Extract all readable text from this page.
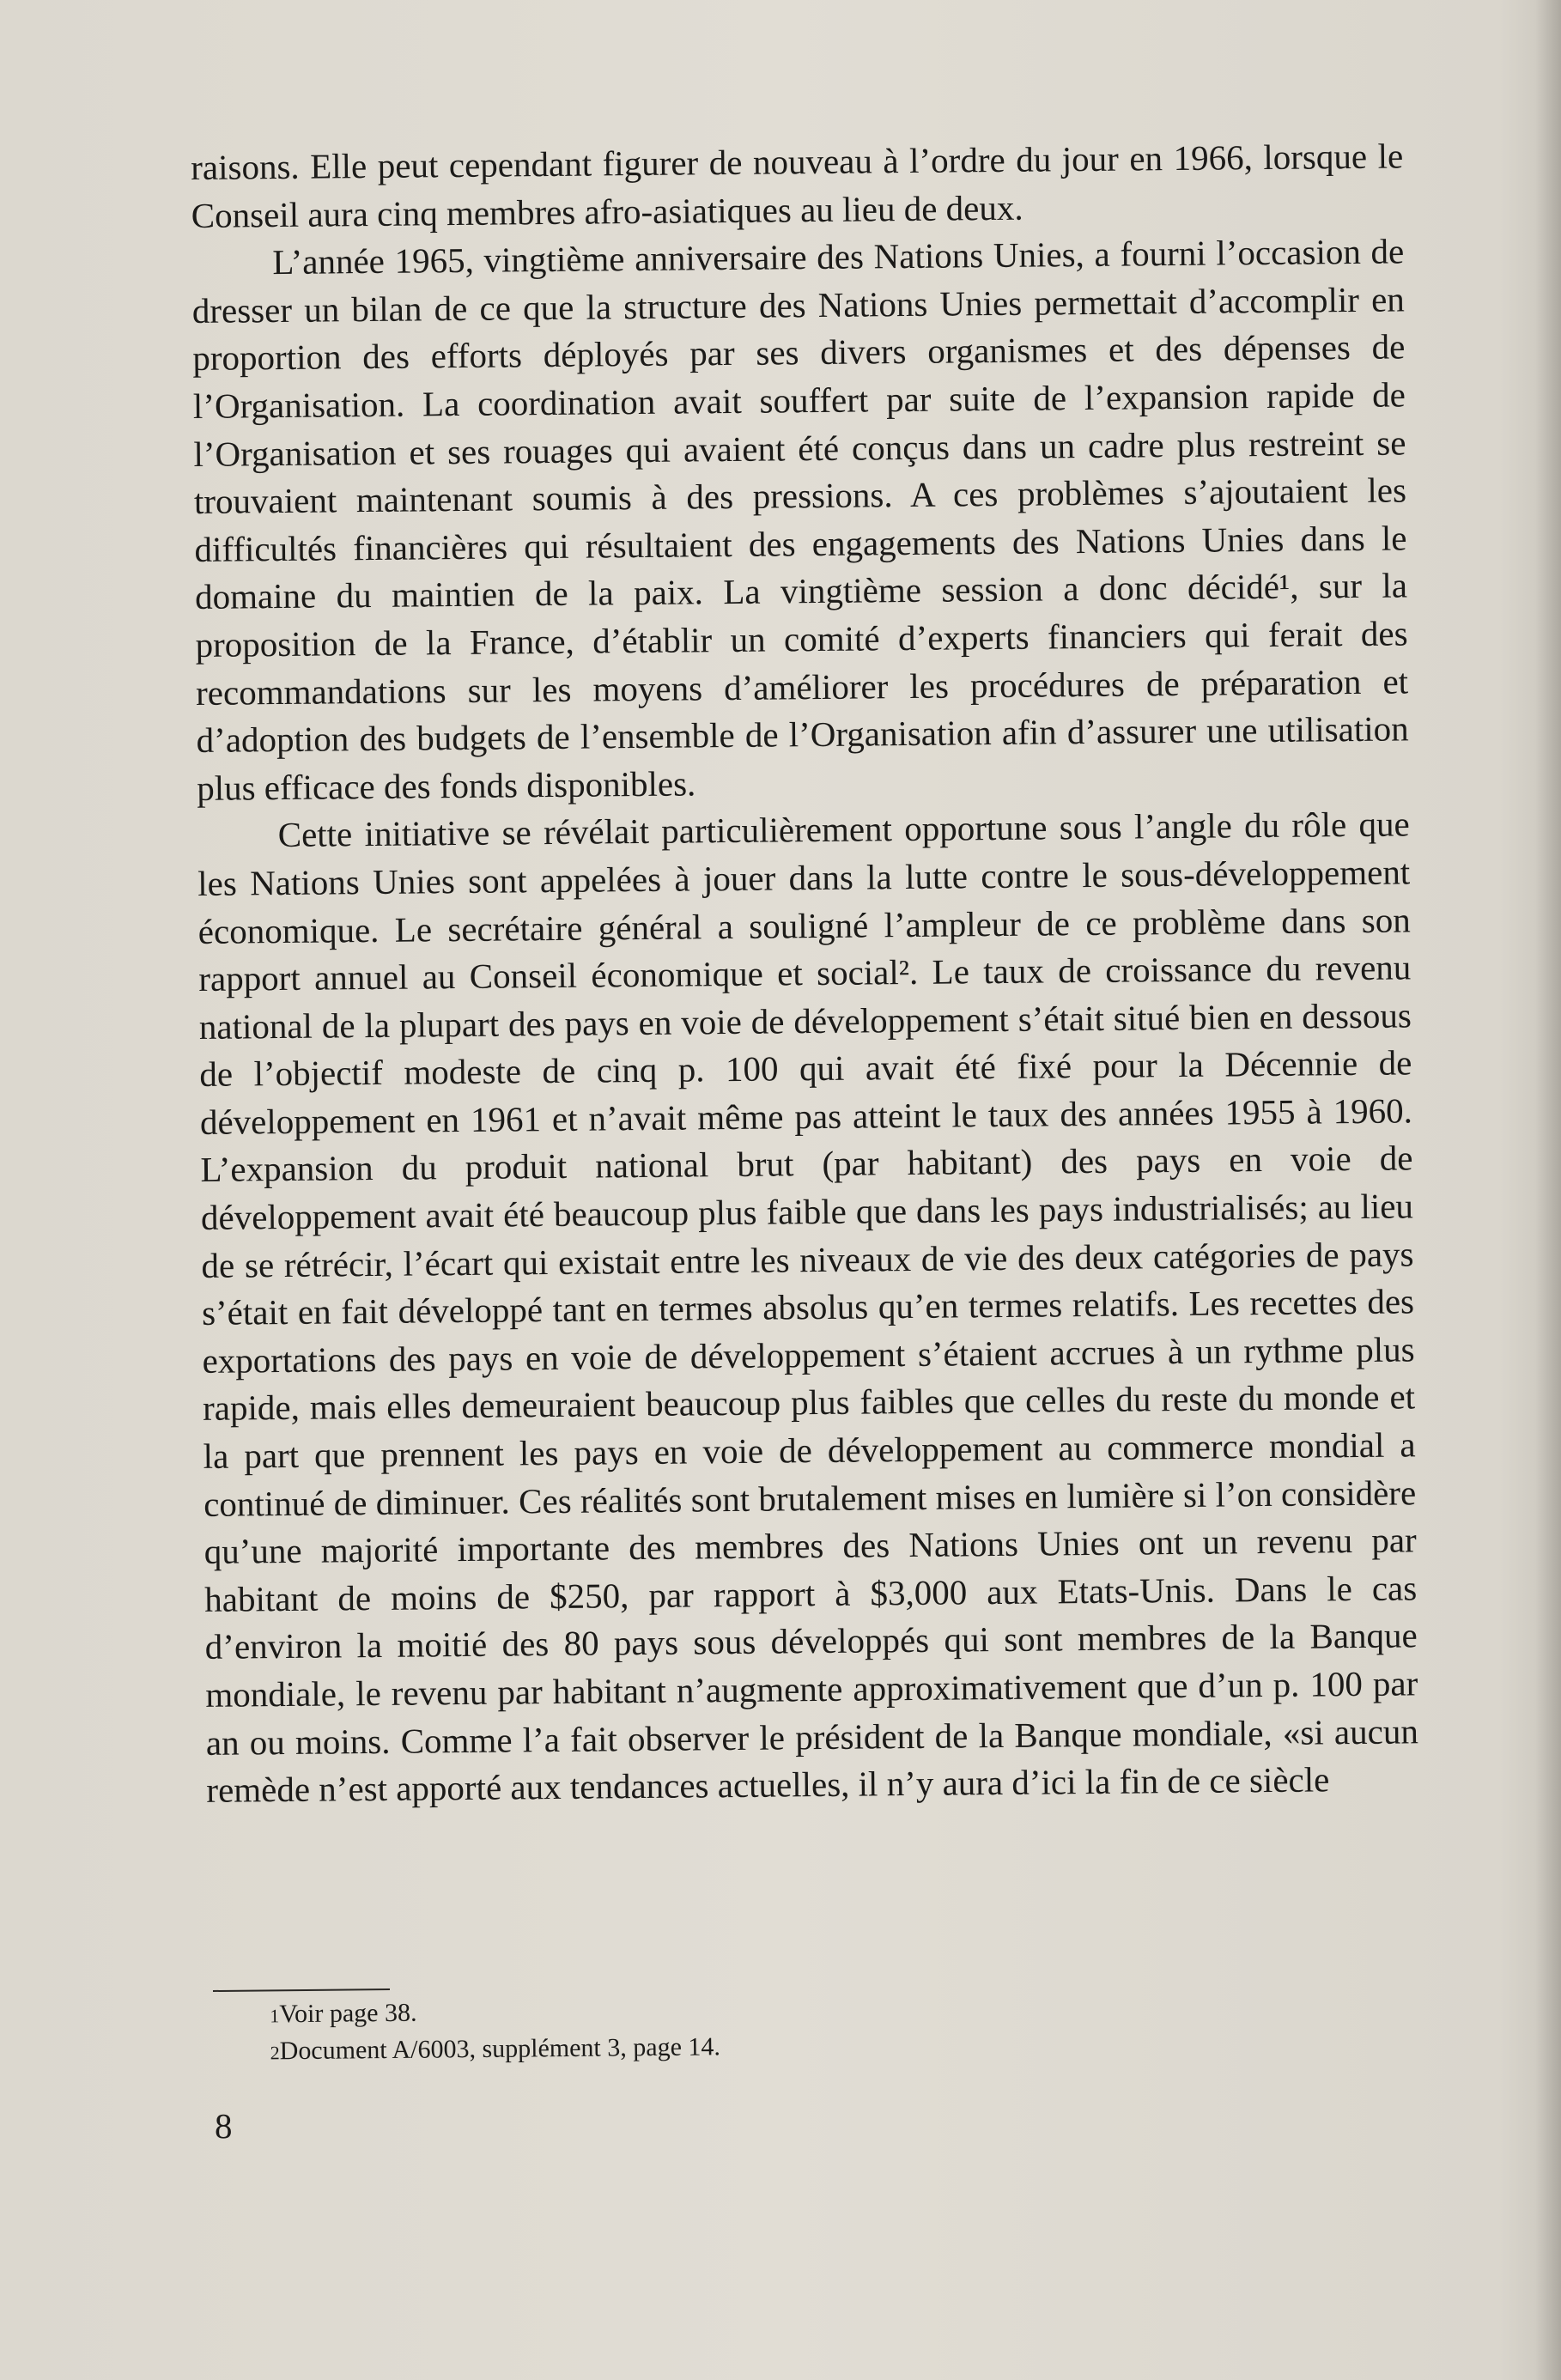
raisons. Elle peut cependant figurer de nouveau à l’ordre du jour en 1966, lorsque le Conseil aura cinq membres afro-asiatiques au lieu de deux.

L’année 1965, vingtième anniversaire des Nations Unies, a fourni l’occasion de dresser un bilan de ce que la structure des Nations Unies permettait d’accomplir en proportion des efforts déployés par ses divers organismes et des dépenses de l’Organisation. La coordination avait souffert par suite de l’expansion rapide de l’Organisation et ses rouages qui avaient été conçus dans un cadre plus restreint se trouvaient maintenant soumis à des pressions. A ces problèmes s’ajoutaient les difficultés financières qui résultaient des engagements des Nations Unies dans le domaine du maintien de la paix. La vingtième session a donc décidé¹, sur la proposition de la France, d’établir un comité d’experts financiers qui ferait des recommandations sur les moyens d’améliorer les procédures de préparation et d’adoption des budgets de l’ensemble de l’Organisation afin d’assurer une utilisation plus efficace des fonds disponibles.

Cette initiative se révélait particulièrement opportune sous l’angle du rôle que les Nations Unies sont appelées à jouer dans la lutte contre le sous-développement économique. Le secrétaire général a souligné l’ampleur de ce problème dans son rapport annuel au Conseil économique et social². Le taux de croissance du revenu national de la plupart des pays en voie de développement s’était situé bien en dessous de l’objectif modeste de cinq p. 100 qui avait été fixé pour la Décennie de développement en 1961 et n’avait même pas atteint le taux des années 1955 à 1960. L’expansion du produit national brut (par habitant) des pays en voie de développement avait été beaucoup plus faible que dans les pays industrialisés; au lieu de se rétrécir, l’écart qui existait entre les niveaux de vie des deux catégories de pays s’était en fait développé tant en termes absolus qu’en termes relatifs. Les recettes des exportations des pays en voie de développement s’étaient accrues à un rythme plus rapide, mais elles demeuraient beaucoup plus faibles que celles du reste du monde et la part que prennent les pays en voie de développement au commerce mondial a continué de diminuer. Ces réalités sont brutalement mises en lumière si l’on considère qu’une majorité importante des membres des Nations Unies ont un revenu par habitant de moins de $250, par rapport à $3,000 aux Etats-Unis. Dans le cas d’environ la moitié des 80 pays sous développés qui sont membres de la Banque mondiale, le revenu par habitant n’augmente approximativement que d’un p. 100 par an ou moins. Comme l’a fait observer le président de la Banque mondiale, «si aucun remède n’est apporté aux tendances actuelles, il n’y aura d’ici la fin de ce siècle

1Voir page 38.
2Document A/6003, supplément 3, page 14.
8
